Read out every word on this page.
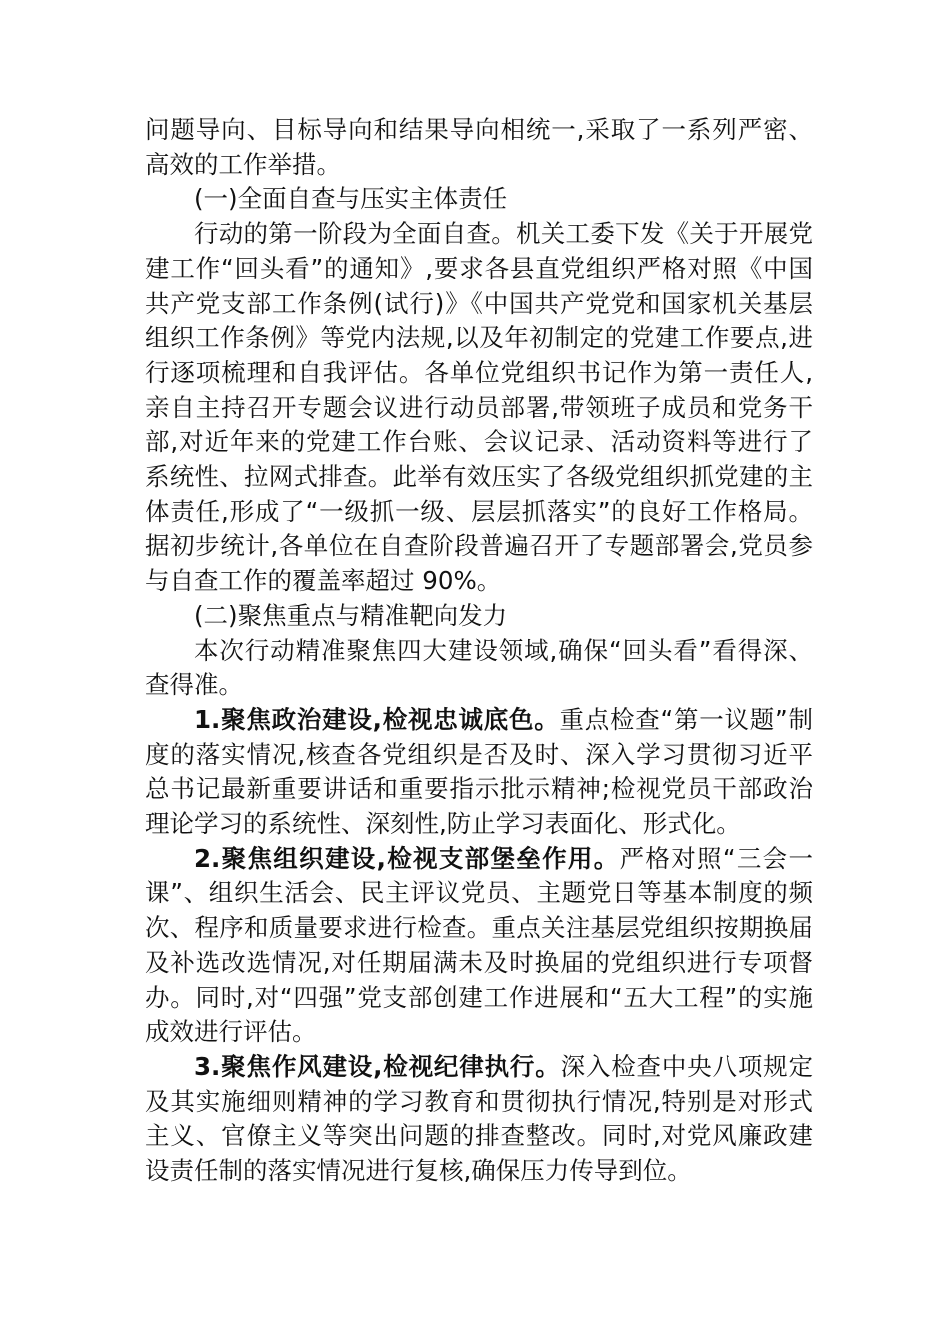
问题导向、目标导向和结果导向相统一,采取了一系列严密、高效的工作举措。

(一)全面自查与压实主体责任

行动的第一阶段为全面自查。机关工委下发《关于开展党建工作“回头看”的通知》,要求各县直党组织严格对照《中国共产党支部工作条例(试行)》《中国共产党党和国家机关基层组织工作条例》等党内法规,以及年初制定的党建工作要点,进行逐项梳理和自我评估。各单位党组织书记作为第一责任人,亲自主持召开专题会议进行动员部署,带领班子成员和党务干部,对近年来的党建工作台账、会议记录、活动资料等进行了系统性、拉网式排查。此举有效压实了各级党组织抓党建的主体责任,形成了“一级抓一级、层层抓落实”的良好工作格局。据初步统计,各单位在自查阶段普遍召开了专题部署会,党员参与自查工作的覆盖率超过 90%。

(二)聚焦重点与精准靶向发力

本次行动精准聚焦四大建设领域,确保“回头看”看得深、查得准。

1.聚焦政治建设,检视忠诚底色。重点检查“第一议题”制度的落实情况,核查各党组织是否及时、深入学习贯彻习近平总书记最新重要讲话和重要指示批示精神;检视党员干部政治理论学习的系统性、深刻性,防止学习表面化、形式化。

2.聚焦组织建设,检视支部堡垒作用。严格对照“三会一课”、组织生活会、民主评议党员、主题党日等基本制度的频次、程序和质量要求进行检查。重点关注基层党组织按期换届及补选改选情况,对任期届满未及时换届的党组织进行专项督办。同时,对“四强”党支部创建工作进展和“五大工程”的实施成效进行评估。

3.聚焦作风建设,检视纪律执行。深入检查中央八项规定及其实施细则精神的学习教育和贯彻执行情况,特别是对形式主义、官僚主义等突出问题的排查整改。同时,对党风廉政建设责任制的落实情况进行复核,确保压力传导到位。
